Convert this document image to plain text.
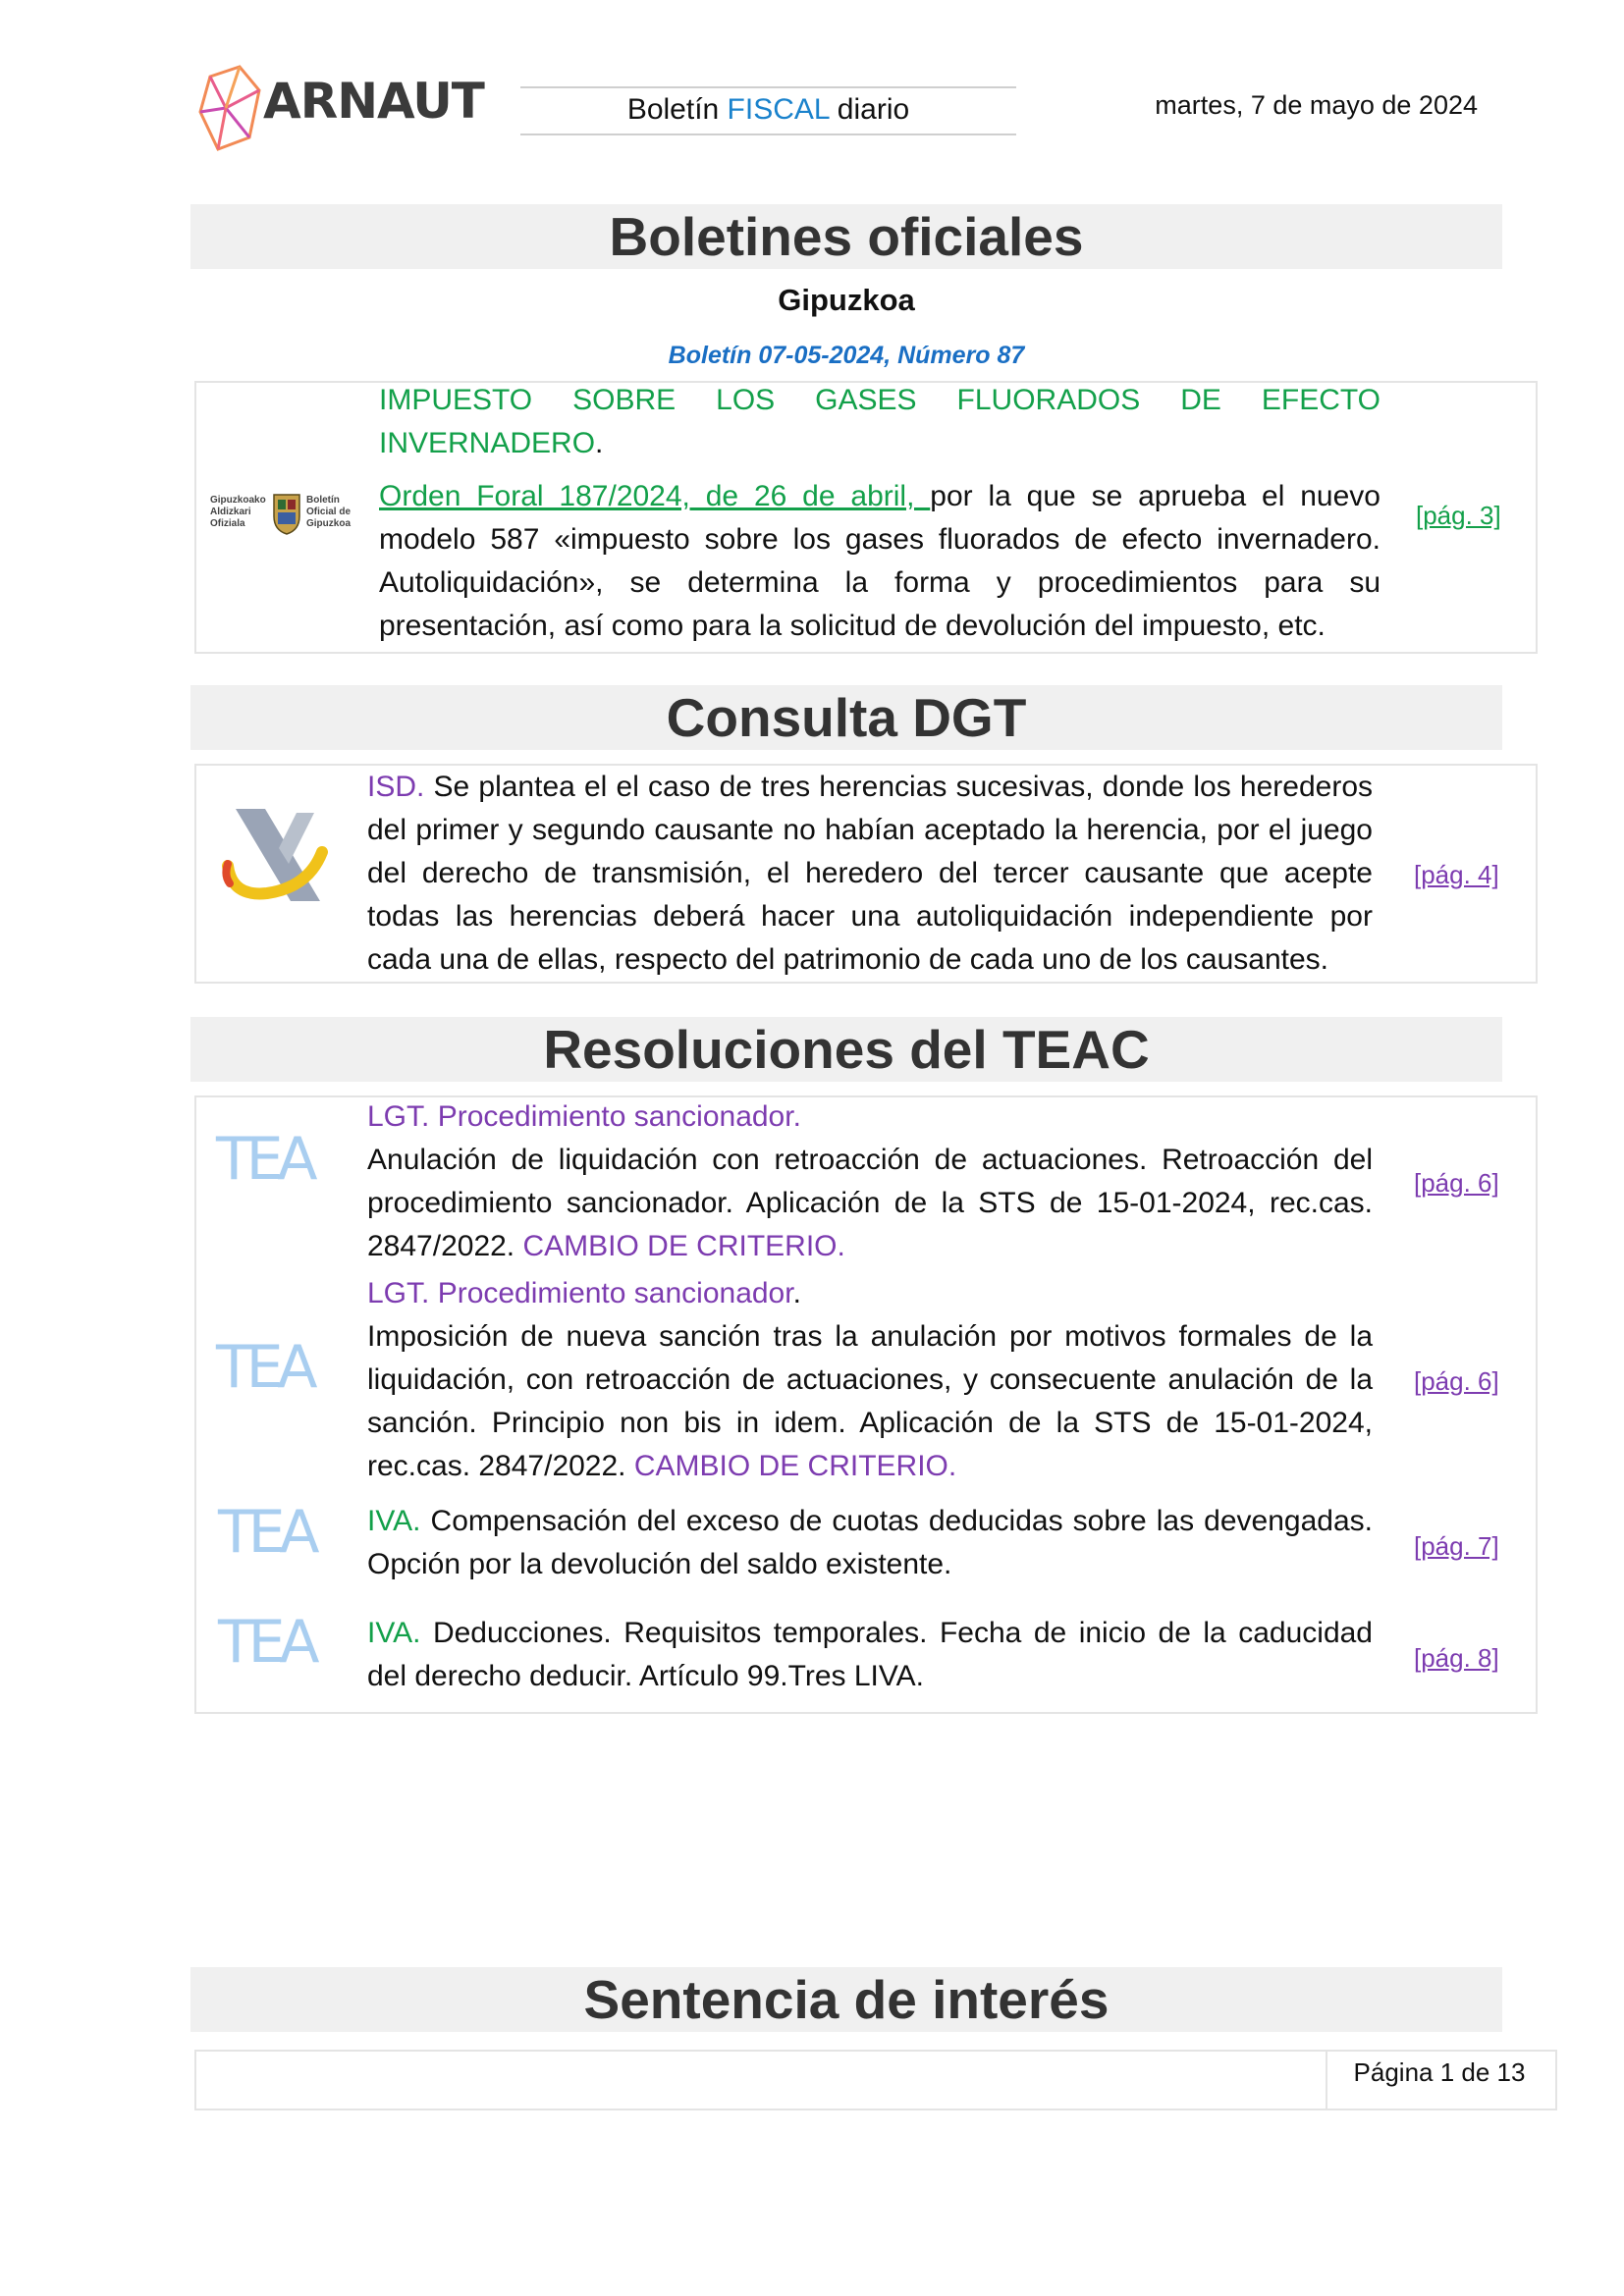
ARNAUT	Boletín FISCAL diario	martes, 7 de mayo de 2024
Boletines oficiales
Gipuzkoa
Boletín 07-05-2024, Número 87
Gipuzkoako
Aldizkari
Ofiziala
Boletín
Oficial de
Gipuzkoa
IMPUESTO SOBRE LOS GASES FLUORADOS DE EFECTO INVERNADERO.
Orden Foral 187/2024, de 26 de abril, por la que se aprueba el nuevo modelo 587 «impuesto sobre los gases fluorados de efecto invernadero. Autoliquidación», se determina la forma y procedimientos para su presentación, así como para la solicitud de devolución del impuesto, etc.
[pág. 3]
Consulta DGT
ISD. Se plantea el el caso de tres herencias sucesivas, donde los herederos del primer y segundo causante no habían aceptado la herencia, por el juego del derecho de transmisión, el heredero del tercer causante que acepte todas las herencias deberá hacer una autoliquidación independiente por cada una de ellas, respecto del patrimonio de cada uno de los causantes.
[pág. 4]
Resoluciones del TEAC
TEA
LGT. Procedimiento sancionador.
Anulación de liquidación con retroacción de actuaciones. Retroacción del procedimiento sancionador. Aplicación de la STS de 15-01-2024, rec.cas. 2847/2022. CAMBIO DE CRITERIO.
[pág. 6]
TEA
LGT. Procedimiento sancionador.
Imposición de nueva sanción tras la anulación por motivos formales de la liquidación, con retroacción de actuaciones, y consecuente anulación de la sanción. Principio non bis in idem. Aplicación de la STS de 15-01-2024, rec.cas. 2847/2022. CAMBIO DE CRITERIO.
[pág. 6]
TEA	IVA. Compensación del exceso de cuotas deducidas sobre las devengadas. Opción por la devolución del saldo existente.
[pág. 7]
TEA	IVA. Deducciones. Requisitos temporales. Fecha de inicio de la caducidad del derecho deducir. Artículo 99.Tres LIVA.
[pág. 8]
Sentencia de interés
Página 1 de 13
